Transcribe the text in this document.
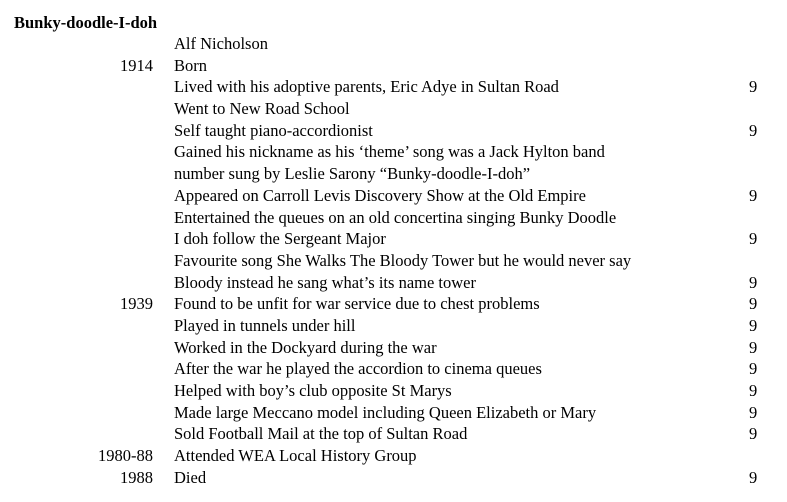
Bunky-doodle-I-doh
Alf Nicholson
1914 Born
Lived with his adoptive parents, Eric Adye in Sultan Road	9
Went to New Road School
Self taught piano-accordionist	9
Gained his nickname as his ‘theme’ song was a Jack Hylton band
number sung by Leslie Sarony “Bunky-doodle-I-doh”
Appeared on Carroll Levis Discovery Show at the Old Empire	9
Entertained the queues on an old concertina singing Bunky Doodle
I doh follow the Sergeant Major	9
Favourite song She Walks The Bloody Tower but he would never say
Bloody instead he sang what’s its name tower	9
1939 Found to be unfit for war service due to chest problems	9
Played in tunnels under hill	9
Worked in the Dockyard during the war	9
After the war he played the accordion to cinema queues	9
Helped with boy’s club opposite St Marys	9
Made large Meccano model including Queen Elizabeth or Mary	9
Sold Football Mail at the top of Sultan Road	9
1980-88 Attended WEA Local History Group
1988 Died	9
